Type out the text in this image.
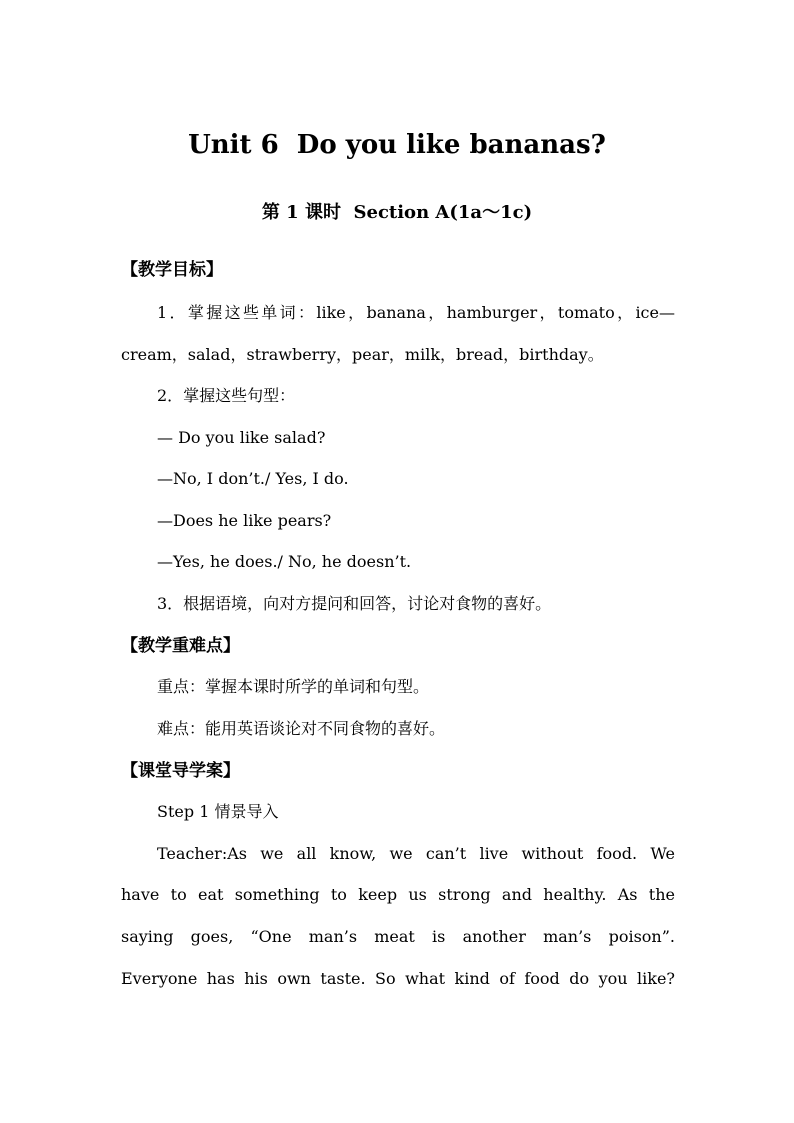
Unit 6  Do you like bananas?
第 1 课时  Section A(1a～1c)
【教学目标】
1．掌握这些单词：like，banana，hamburger，tomato，ice—
cream，salad，strawberry，pear，milk，bread，birthday。
2．掌握这些句型：
— Do you like salad?
—No, I don’t./ Yes, I do.
—Does he like pears?
—Yes, he does./ No, he doesn’t.
3．根据语境，向对方提问和回答，讨论对食物的喜好。
【教学重难点】
重点：掌握本课时所学的单词和句型。
难点：能用英语谈论对不同食物的喜好。
【课堂导学案】
Step 1 情景导入
Teacher:As we all know, we can’t live without food. We
have to eat something to keep us strong and healthy. As the
saying goes, “One man’s meat is another man’s poison”.
Everyone has his own taste. So what kind of food do you like?
